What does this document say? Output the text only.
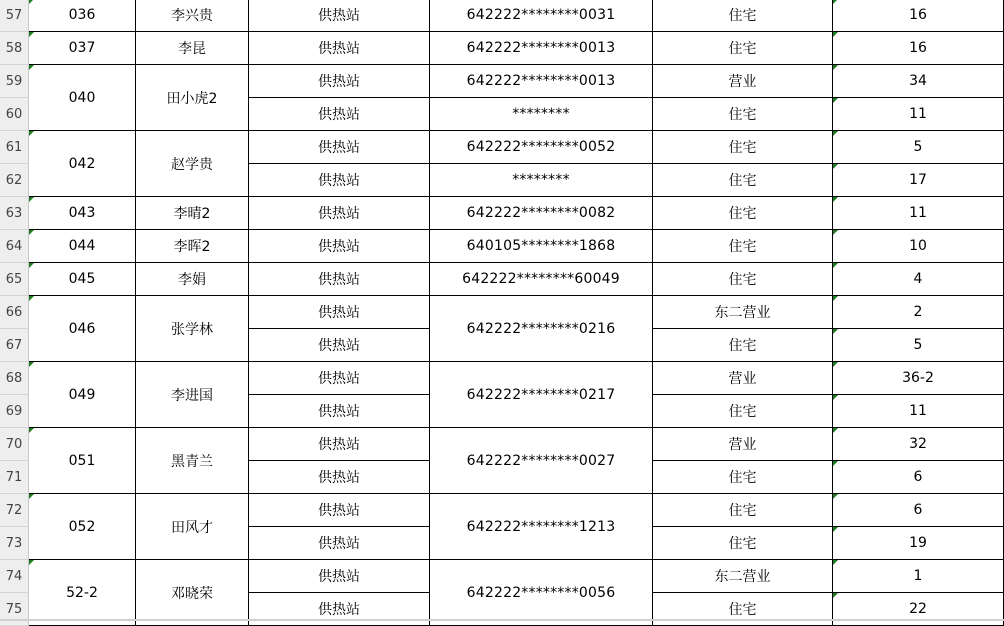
57
58
59
60
61
62
63
64
65
66
67
68
69
70
71
72
73
74
75
036
037
040
042
043
044
045
046
049
051
052
52-2
李兴贵
李昆
田小虎2
赵学贵
李晴2
李晖2
李娟
张学林
李进国
黑青兰
田风才
邓晓荣
供热站
供热站
供热站
供热站
供热站
供热站
供热站
供热站
供热站
供热站
供热站
供热站
供热站
供热站
供热站
供热站
供热站
供热站
供热站
642222********0031
642222********0013
642222********0013
********
642222********0052
********
642222********0082
640105********1868
642222********60049
642222********0216
642222********0217
642222********0027
642222********1213
642222********0056
住宅
住宅
营业
住宅
住宅
住宅
住宅
住宅
住宅
东二营业
住宅
营业
住宅
营业
住宅
住宅
住宅
东二营业
住宅
16
16
34
11
5
17
11
10
4
2
5
36-2
11
32
6
6
19
1
22
